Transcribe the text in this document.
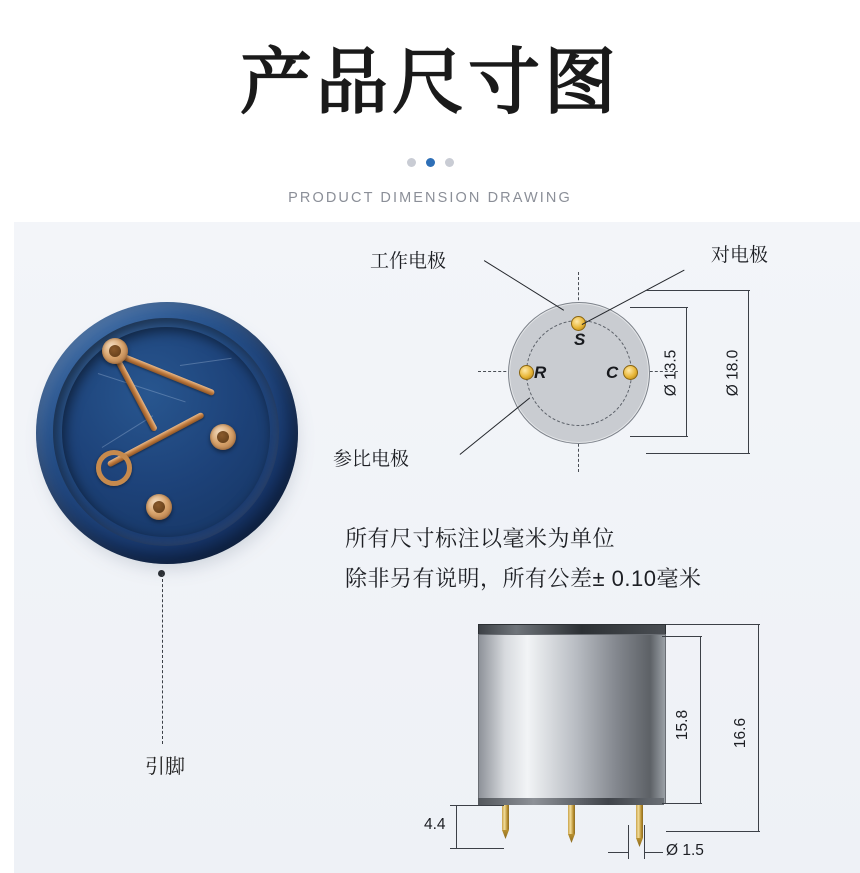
产品尺寸图

PRODUCT DIMENSION DRAWING
引脚
S
R	C
工作电极	对电极
参比电极
Ø 13.5	Ø 18.0
所有尺寸标注以毫米为单位
除非另有说明，所有公差± 0.10毫米
15.8	16.6
4.4
Ø 1.5
